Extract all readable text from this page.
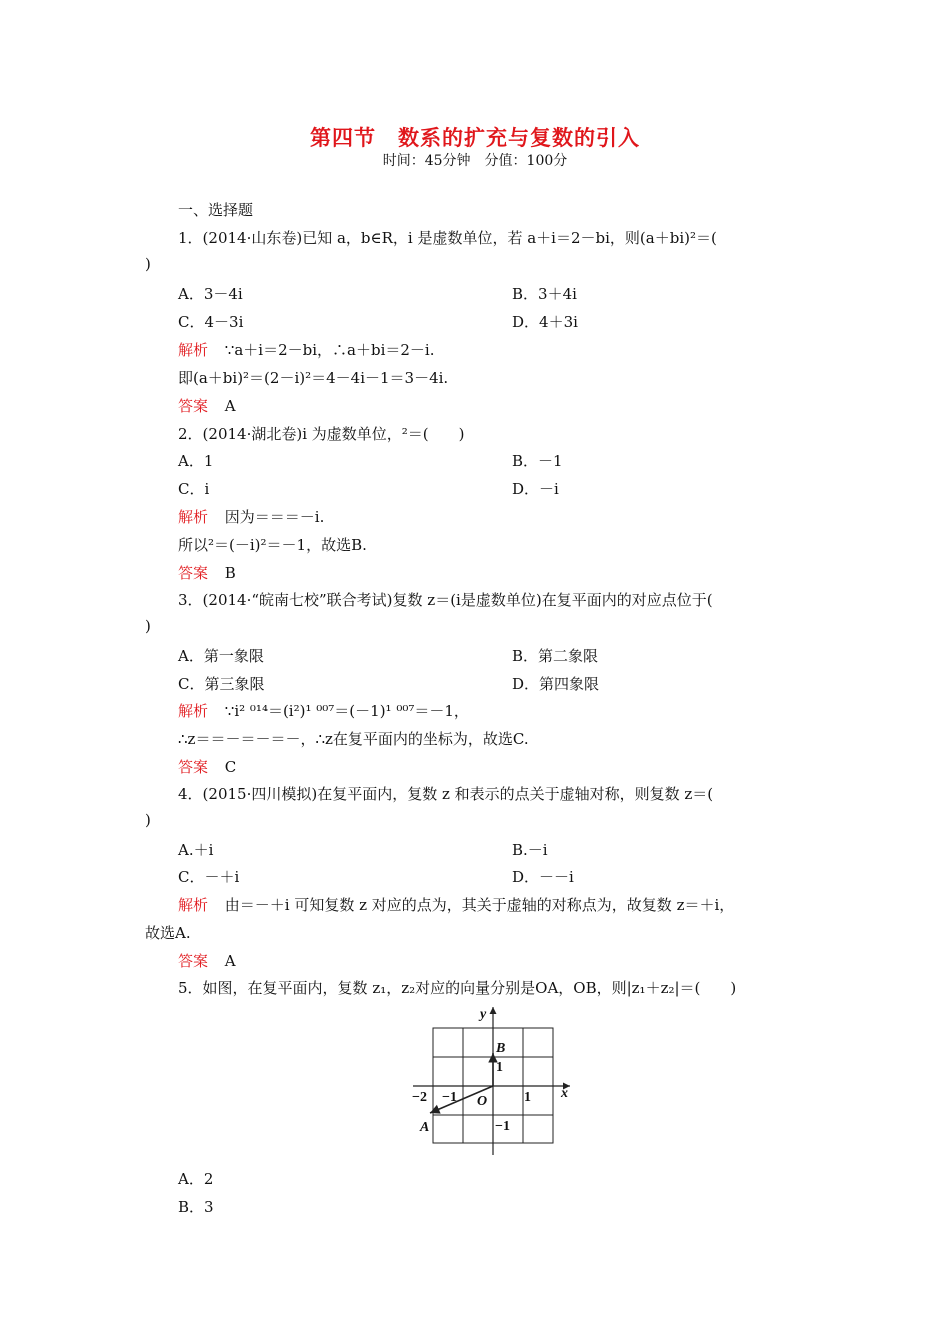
第四节　数系的扩充与复数的引入
时间：45分钟　分值：100分
一、选择题
1．(2014·山东卷)已知 a，b∈R，i 是虚数单位，若 a＋i＝2－bi，则(a＋bi)²＝(
)
A．3－4i	B．3＋4i
C．4－3i	D．4＋3i
解析 ∵a＋i＝2－bi，∴a＋bi＝2－i.
即(a＋bi)²＝(2－i)²＝4－4i－1＝3－4i.
答案 A
2．(2014·湖北卷)i 为虚数单位，²＝(　　)
A．1	B．－1
C．i	D．－i
解析 因为＝＝＝－i.
所以²＝(－i)²＝－1，故选B.
答案 B
3．(2014·“皖南七校”联合考试)复数 z＝(i是虚数单位)在复平面内的对应点位于(
)
A．第一象限	B．第二象限
C．第三象限	D．第四象限
解析 ∵i² ⁰¹⁴＝(i²)¹ ⁰⁰⁷＝(－1)¹ ⁰⁰⁷＝－1，
∴z＝＝－＝－＝－，∴z在复平面内的坐标为，故选C.
答案 C
4．(2015·四川模拟)在复平面内，复数 z 和表示的点关于虚轴对称，则复数 z＝(
)
A.＋i	B.－i
C．－＋i	D．－－i
解析 由＝－＋i 可知复数 z 对应的点为，其关于虚轴的对称点为，故复数 z＝＋i，
故选A.
答案 A
5．如图，在复平面内，复数 z₁，z₂对应的向量分别是OA，OB，则|z₁＋z₂|＝(　　)
y
x
B
A
O
−2 −1	1
1
−1
A．2
B．3
